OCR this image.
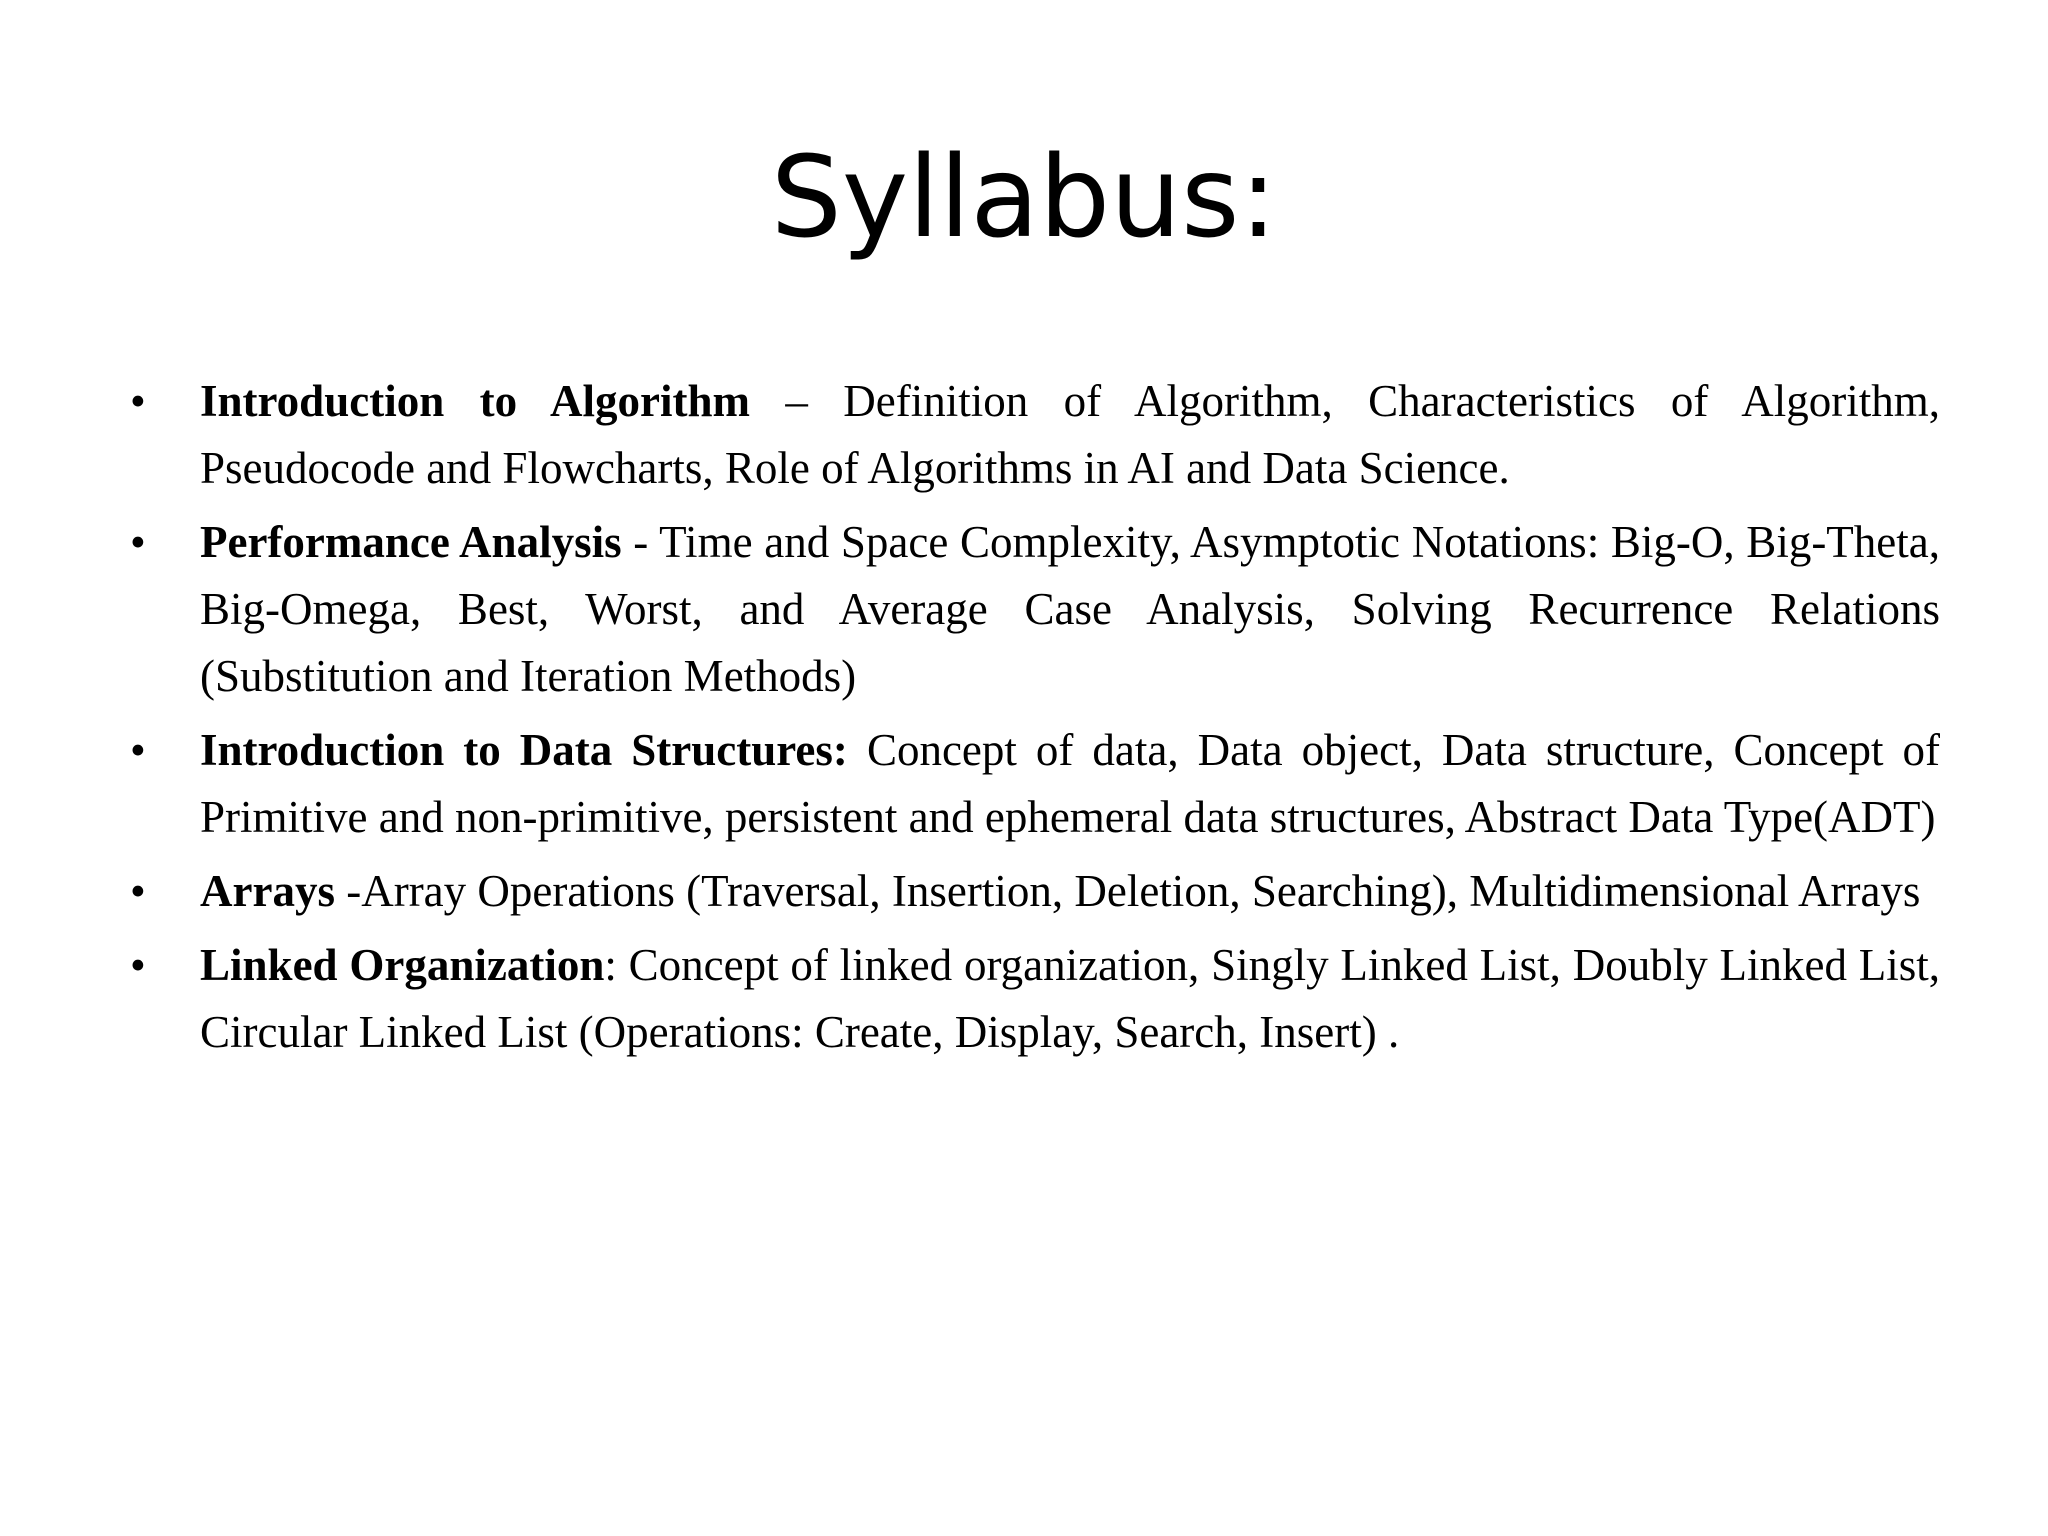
Syllabus:
• Introduction to Algorithm – Definition of Algorithm, Characteristics of Algorithm, Pseudocode and Flowcharts, Role of Algorithms in AI and Data Science.
• Performance Analysis - Time and Space Complexity, Asymptotic Notations: Big-O, Big-Theta, Big-Omega, Best, Worst, and Average Case Analysis, Solving Recurrence Relations (Substitution and Iteration Methods)
• Introduction to Data Structures: Concept of data, Data object, Data structure, Concept of Primitive and non-primitive, persistent and ephemeral data structures, Abstract Data Type(ADT)
• Arrays -Array Operations (Traversal, Insertion, Deletion, Searching), Multidimensional Arrays
• Linked Organization: Concept of linked organization, Singly Linked List, Doubly Linked List, Circular Linked List (Operations: Create, Display, Search, Insert) .
